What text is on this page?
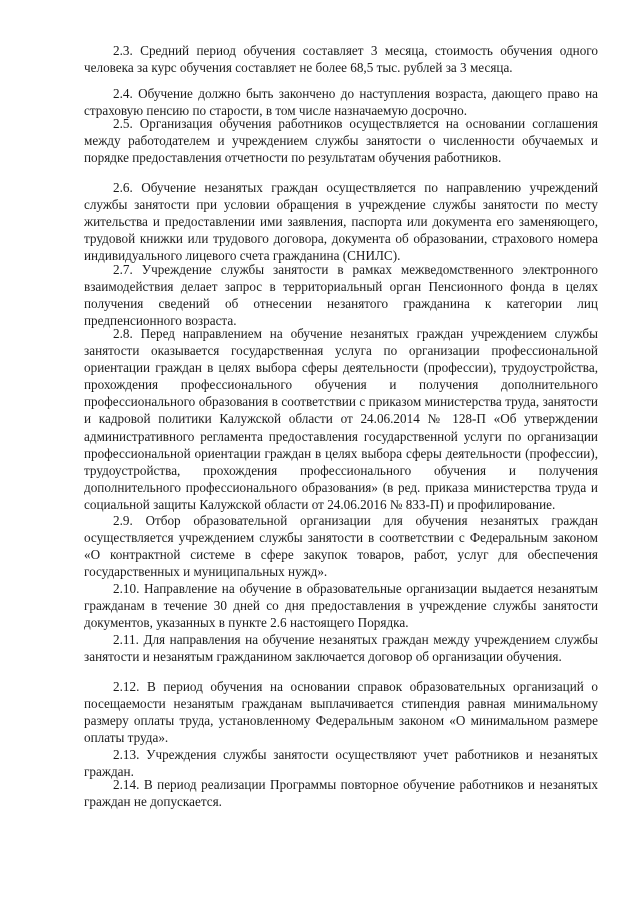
2.3. Средний период обучения составляет 3 месяца, стоимость обучения одного человека за курс обучения составляет не более 68,5 тыс. рублей за 3 месяца.

2.4. Обучение должно быть закончено до наступления возраста, дающего право на страховую пенсию по старости, в том числе назначаемую досрочно.

2.5. Организация обучения работников осуществляется на основании соглашения между работодателем и учреждением службы занятости о численности обучаемых и порядке предоставления отчетности по результатам обучения работников.

2.6. Обучение незанятых граждан осуществляется по направлению учреждений службы занятости при условии обращения в учреждение службы занятости по месту жительства и предоставлении ими заявления, паспорта или документа его заменяющего, трудовой книжки или трудового договора, документа об образовании, страхового номера индивидуального лицевого счета гражданина (СНИЛС).

2.7. Учреждение службы занятости в рамках межведомственного электронного взаимодействия делает запрос в территориальный орган Пенсионного фонда в целях получения сведений об отнесении незанятого гражданина к категории лиц предпенсионного возраста.

2.8. Перед направлением на обучение незанятых граждан учреждением службы занятости оказывается государственная услуга по организации профессиональной ориентации граждан в целях выбора сферы деятельности (профессии), трудоустройства, прохождения профессионального обучения и получения дополнительного профессионального образования в соответствии с приказом министерства труда, занятости и кадровой политики Калужской области от 24.06.2014 № 128-П «Об утверждении административного регламента предоставления государственной услуги по организации профессиональной ориентации граждан в целях выбора сферы деятельности (профессии), трудоустройства, прохождения профессионального обучения и получения дополнительного профессионального образования» (в ред. приказа министерства труда и социальной защиты Калужской области от 24.06.2016 № 833-П) и профилирование.

2.9. Отбор образовательной организации для обучения незанятых граждан осуществляется учреждением службы занятости в соответствии с Федеральным законом «О контрактной системе в сфере закупок товаров, работ, услуг для обеспечения государственных и муниципальных нужд».

2.10. Направление на обучение в образовательные организации выдается незанятым гражданам в течение 30 дней со дня предоставления в учреждение службы занятости документов, указанных в пункте 2.6 настоящего Порядка.

2.11. Для направления на обучение незанятых граждан между учреждением службы занятости и незанятым гражданином заключается договор об организации обучения.

2.12. В период обучения на основании справок образовательных организаций о посещаемости незанятым гражданам выплачивается стипендия равная минимальному размеру оплаты труда, установленному Федеральным законом «О минимальном размере оплаты труда».

2.13. Учреждения службы занятости осуществляют учет работников и незанятых граждан.

2.14. В период реализации Программы повторное обучение работников и незанятых граждан не допускается.
